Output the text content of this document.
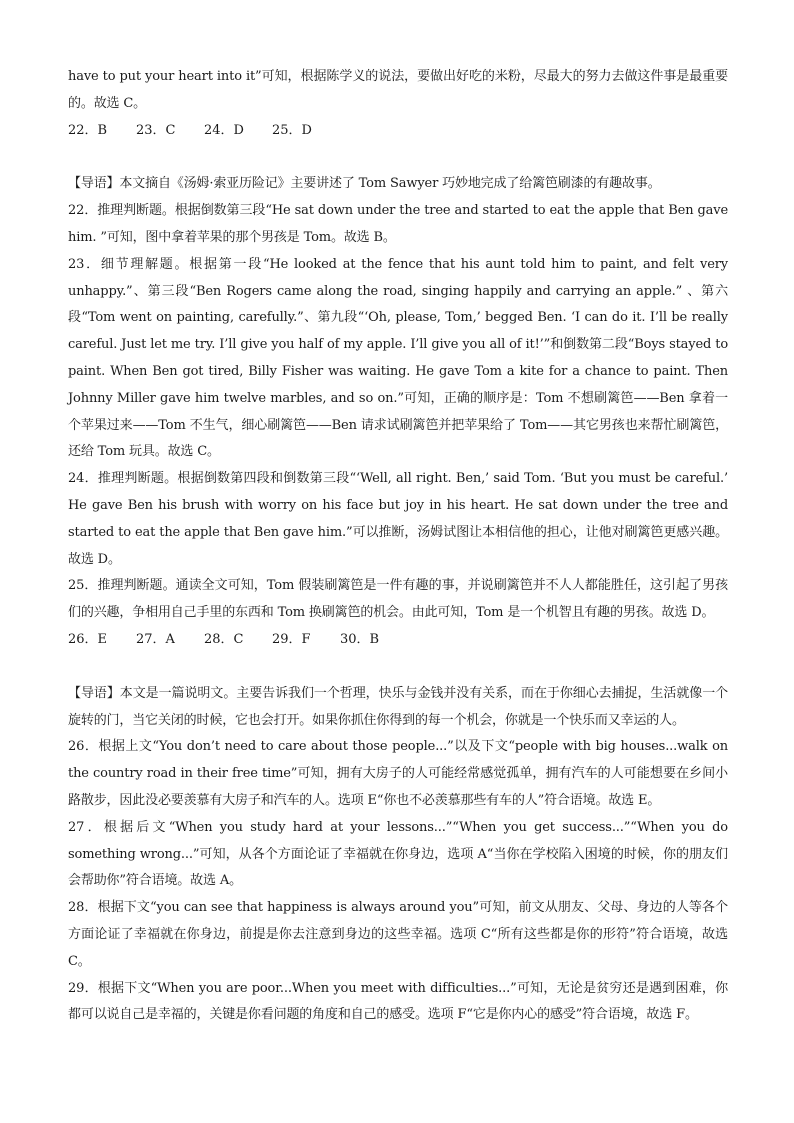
have to put your heart into it”可知，根据陈学义的说法，要做出好吃的米粉，尽最大的努力去做这件事是最重要的。故选 C。

22．B 23．C 24．D 25．D

【导语】本文摘自《汤姆·索亚历险记》主要讲述了 Tom Sawyer 巧妙地完成了给篱笆刷漆的有趣故事。

22．推理判断题。根据倒数第三段“He sat down under the tree and started to eat the apple that Ben gave him. ”可知，图中拿着苹果的那个男孩是 Tom。故选 B。

23．细节理解题。根据第一段“He looked at the fence that his aunt told him to paint, and felt very unhappy.”、第三段“Ben Rogers came along the road, singing happily and carrying an apple.” 、第六段“Tom went on painting, carefully.”、第九段“‘Oh, please, Tom,’ begged Ben. ‘I can do it. I’ll be really careful. Just let me try. I’ll give you half of my apple. I’ll give you all of it!’”和倒数第二段“Boys stayed to paint. When Ben got tired, Billy Fisher was waiting. He gave Tom a kite for a chance to paint. Then Johnny Miller gave him twelve marbles, and so on.”可知，正确的顺序是：Tom 不想刷篱笆——Ben 拿着一个苹果过来——Tom 不生气，细心刷篱笆——Ben 请求试刷篱笆并把苹果给了 Tom——其它男孩也来帮忙刷篱笆，还给 Tom 玩具。故选 C。

24．推理判断题。根据倒数第四段和倒数第三段“‘Well, all right. Ben,’ said Tom. ‘But you must be careful.’ He gave Ben his brush with worry on his face but joy in his heart. He sat down under the tree and started to eat the apple that Ben gave him.”可以推断，汤姆试图让本相信他的担心，让他对刷篱笆更感兴趣。故选 D。

25．推理判断题。通读全文可知，Tom 假装刷篱笆是一件有趣的事，并说刷篱笆并不人人都能胜任，这引起了男孩们的兴趣，争相用自己手里的东西和 Tom 换刷篱笆的机会。由此可知，Tom 是一个机智且有趣的男孩。故选 D。

26．E 27．A 28．C 29．F 30．B

【导语】本文是一篇说明文。主要告诉我们一个哲理，快乐与金钱并没有关系，而在于你细心去捕捉，生活就像一个旋转的门，当它关闭的时候，它也会打开。如果你抓住你得到的每一个机会，你就是一个快乐而又幸运的人。

26．根据上文“You don’t need to care about those people...”以及下文“people with big houses...walk on the country road in their free time”可知，拥有大房子的人可能经常感觉孤单，拥有汽车的人可能想要在乡间小路散步，因此没必要羡慕有大房子和汽车的人。选项 E“你也不必羡慕那些有车的人”符合语境。故选 E。

27．根据后文“When you study hard at your lessons...”“When you get success...”“When you do something wrong...”可知，从各个方面论证了幸福就在你身边，选项 A“当你在学校陷入困境的时候，你的朋友们会帮助你”符合语境。故选 A。

28．根据下文“you can see that happiness is always around you”可知，前文从朋友、父母、身边的人等各个方面论证了幸福就在你身边，前提是你去注意到身边的这些幸福。选项 C“所有这些都是你的形符”符合语境，故选 C。

29．根据下文“When you are poor...When you meet with difficulties...”可知，无论是贫穷还是遇到困难，你都可以说自己是幸福的，关键是你看问题的角度和自己的感受。选项 F“它是你内心的感受”符合语境，故选 F。
